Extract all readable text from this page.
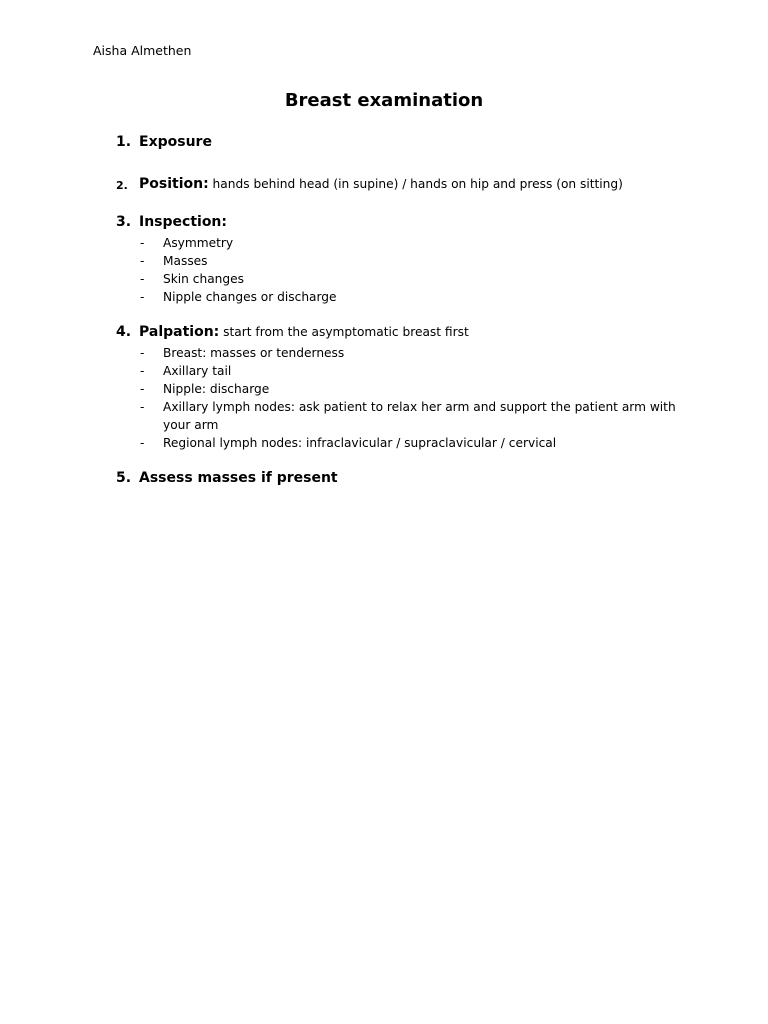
Aisha Almethen
Breast examination
1. Exposure
2. Position: hands behind head (in supine) / hands on hip and press (on sitting)
3. Inspection:
- Asymmetry
- Masses
- Skin changes
- Nipple changes or discharge
4. Palpation: start from the asymptomatic breast first
- Breast: masses or tenderness
- Axillary tail
- Nipple: discharge
- Axillary lymph nodes: ask patient to relax her arm and support the patient arm with your arm
- Regional lymph nodes: infraclavicular / supraclavicular / cervical
5. Assess masses if present
